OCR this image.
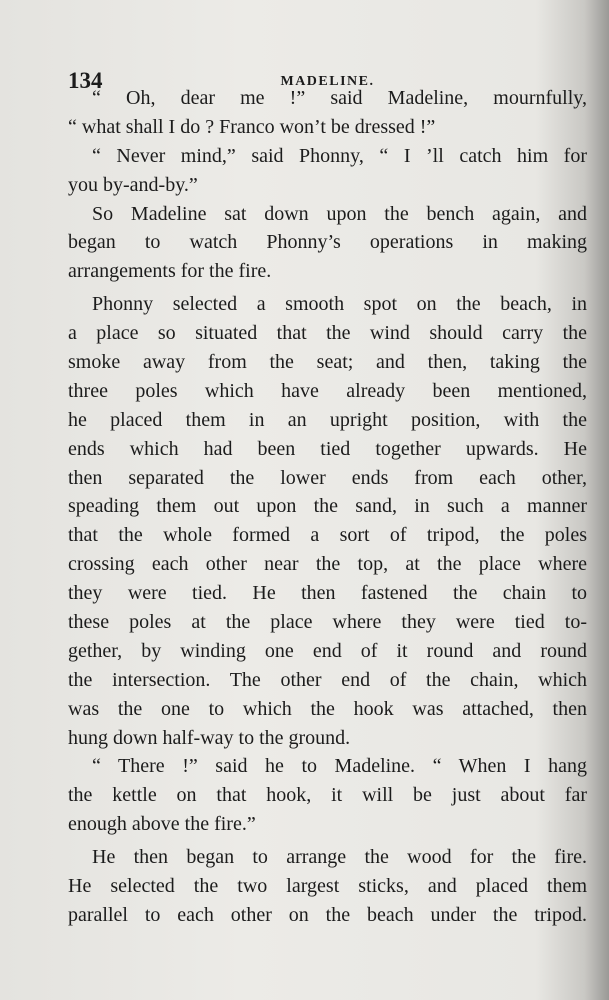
134	MADELINE.
“ Oh, dear me !” said Madeline, mournfully,
“ what shall I do ? Franco won’t be dressed !”
“ Never mind,” said Phonny, “ I ’ll catch him for
you by-and-by.”
So Madeline sat down upon the bench again, and
began to watch Phonny’s operations in making
arrangements for the fire.
Phonny selected a smooth spot on the beach, in
a place so situated that the wind should carry the
smoke away from the seat; and then, taking the
three poles which have already been mentioned,
he placed them in an upright position, with the
ends which had been tied together upwards. He
then separated the lower ends from each other,
speading them out upon the sand, in such a manner
that the whole formed a sort of tripod, the poles
crossing each other near the top, at the place where
they were tied. He then fastened the chain to
these poles at the place where they were tied to-
gether, by winding one end of it round and round
the intersection. The other end of the chain, which
was the one to which the hook was attached, then
hung down half-way to the ground.
“ There !” said he to Madeline. “ When I hang
the kettle on that hook, it will be just about far
enough above the fire.”
He then began to arrange the wood for the fire.
He selected the two largest sticks, and placed them
parallel to each other on the beach under the tripod.
